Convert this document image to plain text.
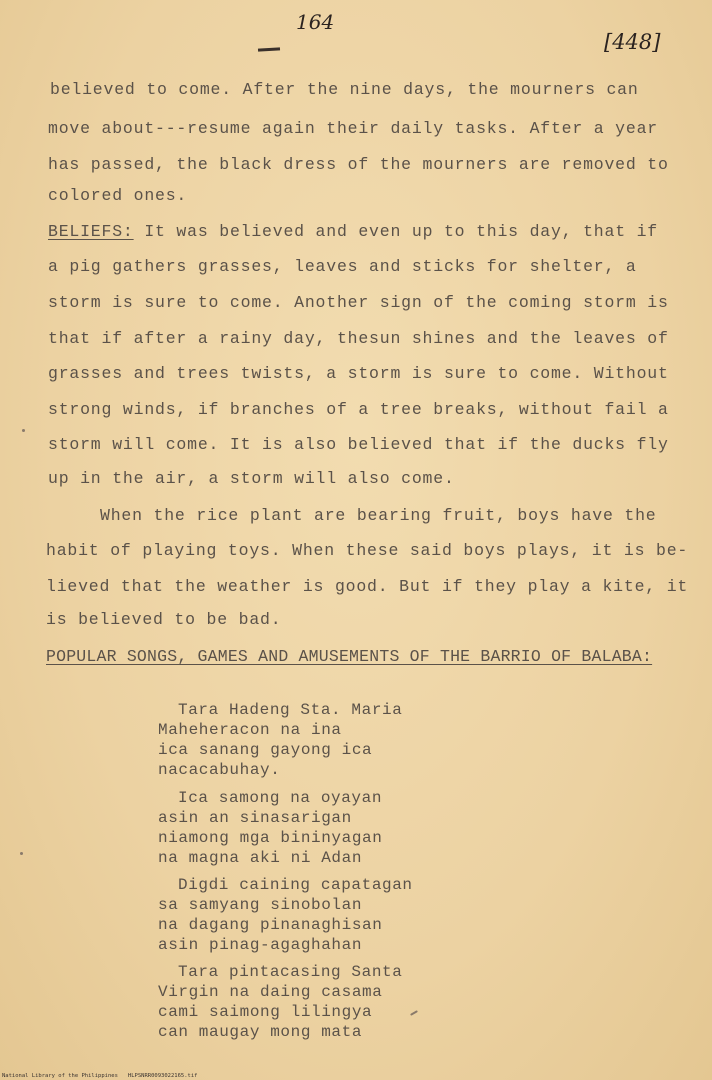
164
[448]
believed to come. After the nine days, the mourners can
move about---resume again their daily tasks. After a year
has passed, the black dress of the mourners are removed to
colored ones.
BELIEFS: It was believed and even up to this day, that if
a pig gathers grasses, leaves and sticks for shelter, a
storm is sure to come. Another sign of the coming storm is
that if after a rainy day, thesun shines and the leaves of
grasses and trees twists, a storm is sure to come. Without
strong winds, if branches of a tree breaks, without fail a
storm will come. It is also believed that if the ducks fly
up in the air, a storm will also come.
When the rice plant are bearing fruit, boys have the
habit of playing toys. When these said boys plays, it is be-
lieved that the weather is good. But if they play a kite, it
is believed to be bad.
POPULAR SONGS, GAMES AND AMUSEMENTS OF THE BARRIO OF BALABA:
Tara Hadeng Sta. Maria
Maheheracon na ina
ica sanang gayong ica
nacacabuhay.
Ica samong na oyayan
asin an sinasarigan
niamong mga bininyagan
na magna aki ni Adan
Digdi caining capatagan
sa samyang sinobolan
na dagang pinanaghisan
asin pinag-agaghahan
Tara pintacasing Santa
Virgin na daing casama
cami saimong lilingya
can maugay mong mata
National Library of the Philippines HLPSNRR0093022165.tif
